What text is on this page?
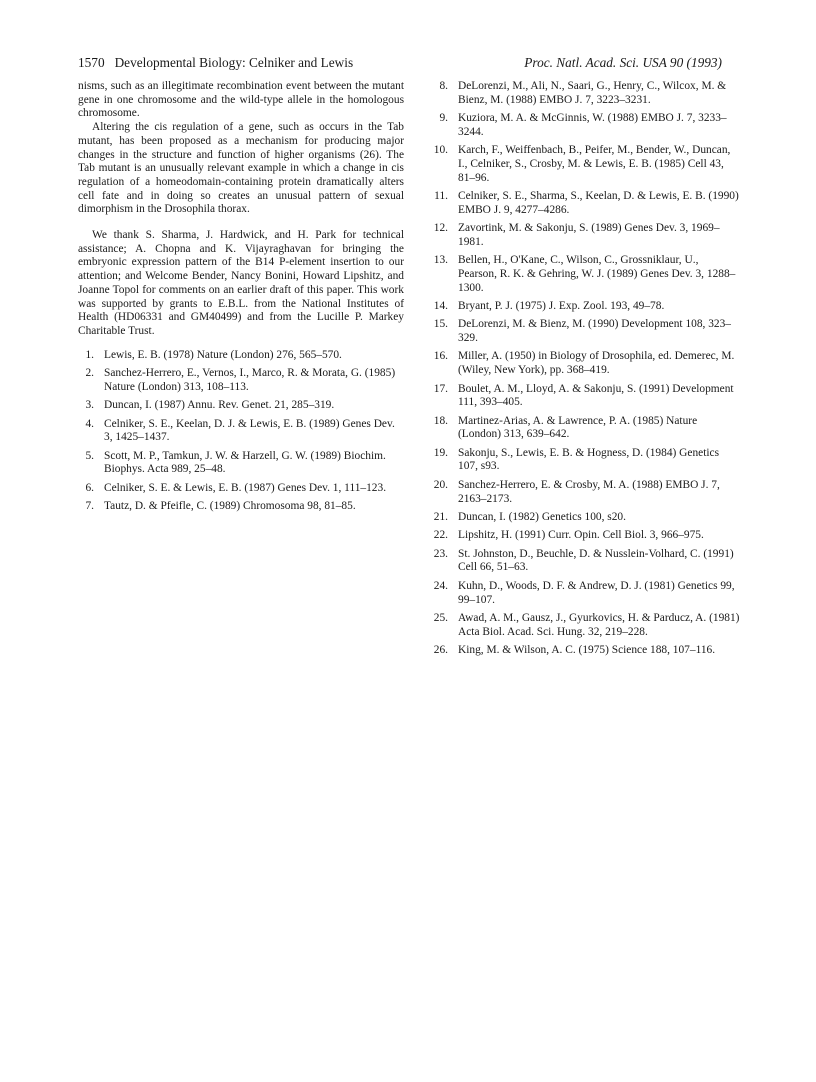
1570 Developmental Biology: Celniker and Lewis	Proc. Natl. Acad. Sci. USA 90 (1993)

nisms, such as an illegitimate recombination event between the mutant gene in one chromosome and the wild-type allele in the homologous chromosome.

Altering the cis regulation of a gene, such as occurs in the Tab mutant, has been proposed as a mechanism for producing major changes in the structure and function of higher organisms (26). The Tab mutant is an unusually relevant example in which a change in cis regulation of a homeodomain-containing protein dramatically alters cell fate and in doing so creates an unusual pattern of sexual dimorphism in the Drosophila thorax.

We thank S. Sharma, J. Hardwick, and H. Park for technical assistance; A. Chopna and K. Vijayraghavan for bringing the embryonic expression pattern of the B14 P-element insertion to our attention; and Welcome Bender, Nancy Bonini, Howard Lipshitz, and Joanne Topol for comments on an earlier draft of this paper. This work was supported by grants to E.B.L. from the National Institutes of Health (HD06331 and GM40499) and from the Lucille P. Markey Charitable Trust.

1. Lewis, E. B. (1978) Nature (London) 276, 565–570.
2. Sanchez-Herrero, E., Vernos, I., Marco, R. & Morata, G. (1985) Nature (London) 313, 108–113.
3. Duncan, I. (1987) Annu. Rev. Genet. 21, 285–319.
4. Celniker, S. E., Keelan, D. J. & Lewis, E. B. (1989) Genes Dev. 3, 1425–1437.
5. Scott, M. P., Tamkun, J. W. & Harzell, G. W. (1989) Biochim. Biophys. Acta 989, 25–48.
6. Celniker, S. E. & Lewis, E. B. (1987) Genes Dev. 1, 111–123.
7. Tautz, D. & Pfeifle, C. (1989) Chromosoma 98, 81–85.
8. DeLorenzi, M., Ali, N., Saari, G., Henry, C., Wilcox, M. & Bienz, M. (1988) EMBO J. 7, 3223–3231.
9. Kuziora, M. A. & McGinnis, W. (1988) EMBO J. 7, 3233–3244.
10. Karch, F., Weiffenbach, B., Peifer, M., Bender, W., Duncan, I., Celniker, S., Crosby, M. & Lewis, E. B. (1985) Cell 43, 81–96.
11. Celniker, S. E., Sharma, S., Keelan, D. & Lewis, E. B. (1990) EMBO J. 9, 4277–4286.
12. Zavortink, M. & Sakonju, S. (1989) Genes Dev. 3, 1969–1981.
13. Bellen, H., O'Kane, C., Wilson, C., Grossniklaur, U., Pearson, R. K. & Gehring, W. J. (1989) Genes Dev. 3, 1288–1300.
14. Bryant, P. J. (1975) J. Exp. Zool. 193, 49–78.
15. DeLorenzi, M. & Bienz, M. (1990) Development 108, 323–329.
16. Miller, A. (1950) in Biology of Drosophila, ed. Demerec, M. (Wiley, New York), pp. 368–419.
17. Boulet, A. M., Lloyd, A. & Sakonju, S. (1991) Development 111, 393–405.
18. Martinez-Arias, A. & Lawrence, P. A. (1985) Nature (London) 313, 639–642.
19. Sakonju, S., Lewis, E. B. & Hogness, D. (1984) Genetics 107, s93.
20. Sanchez-Herrero, E. & Crosby, M. A. (1988) EMBO J. 7, 2163–2173.
21. Duncan, I. (1982) Genetics 100, s20.
22. Lipshitz, H. (1991) Curr. Opin. Cell Biol. 3, 966–975.
23. St. Johnston, D., Beuchle, D. & Nusslein-Volhard, C. (1991) Cell 66, 51–63.
24. Kuhn, D., Woods, D. F. & Andrew, D. J. (1981) Genetics 99, 99–107.
25. Awad, A. M., Gausz, J., Gyurkovics, H. & Parducz, A. (1981) Acta Biol. Acad. Sci. Hung. 32, 219–228.
26. King, M. & Wilson, A. C. (1975) Science 188, 107–116.
